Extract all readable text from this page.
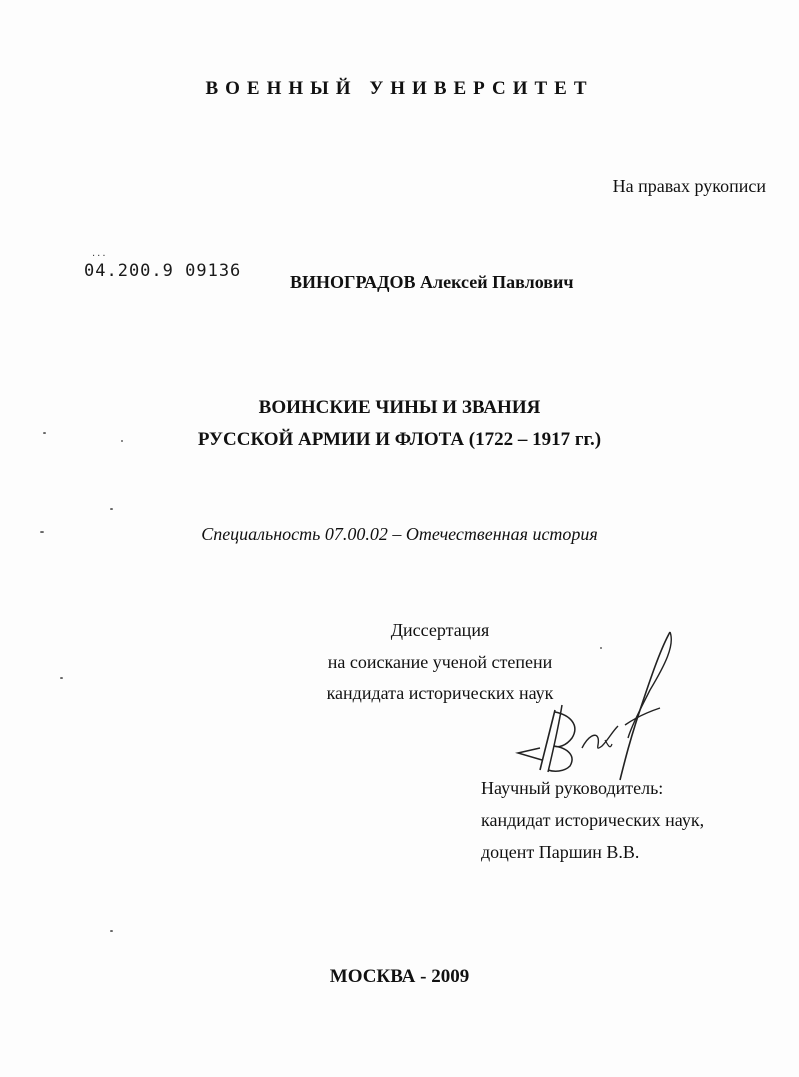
ВОЕННЫЙ УНИВЕРСИТЕТ
На правах рукописи
...
04.200.9 09136
ВИНОГРАДОВ Алексей Павлович
ВОИНСКИЕ ЧИНЫ И ЗВАНИЯ
РУССКОЙ АРМИИ И ФЛОТА (1722 – 1917 гг.)
Специальность 07.00.02 – Отечественная история
Диссертация
на соискание ученой степени
кандидата исторических наук
Научный руководитель:
кандидат исторических наук,
доцент Паршин В.В.
МОСКВА - 2009
